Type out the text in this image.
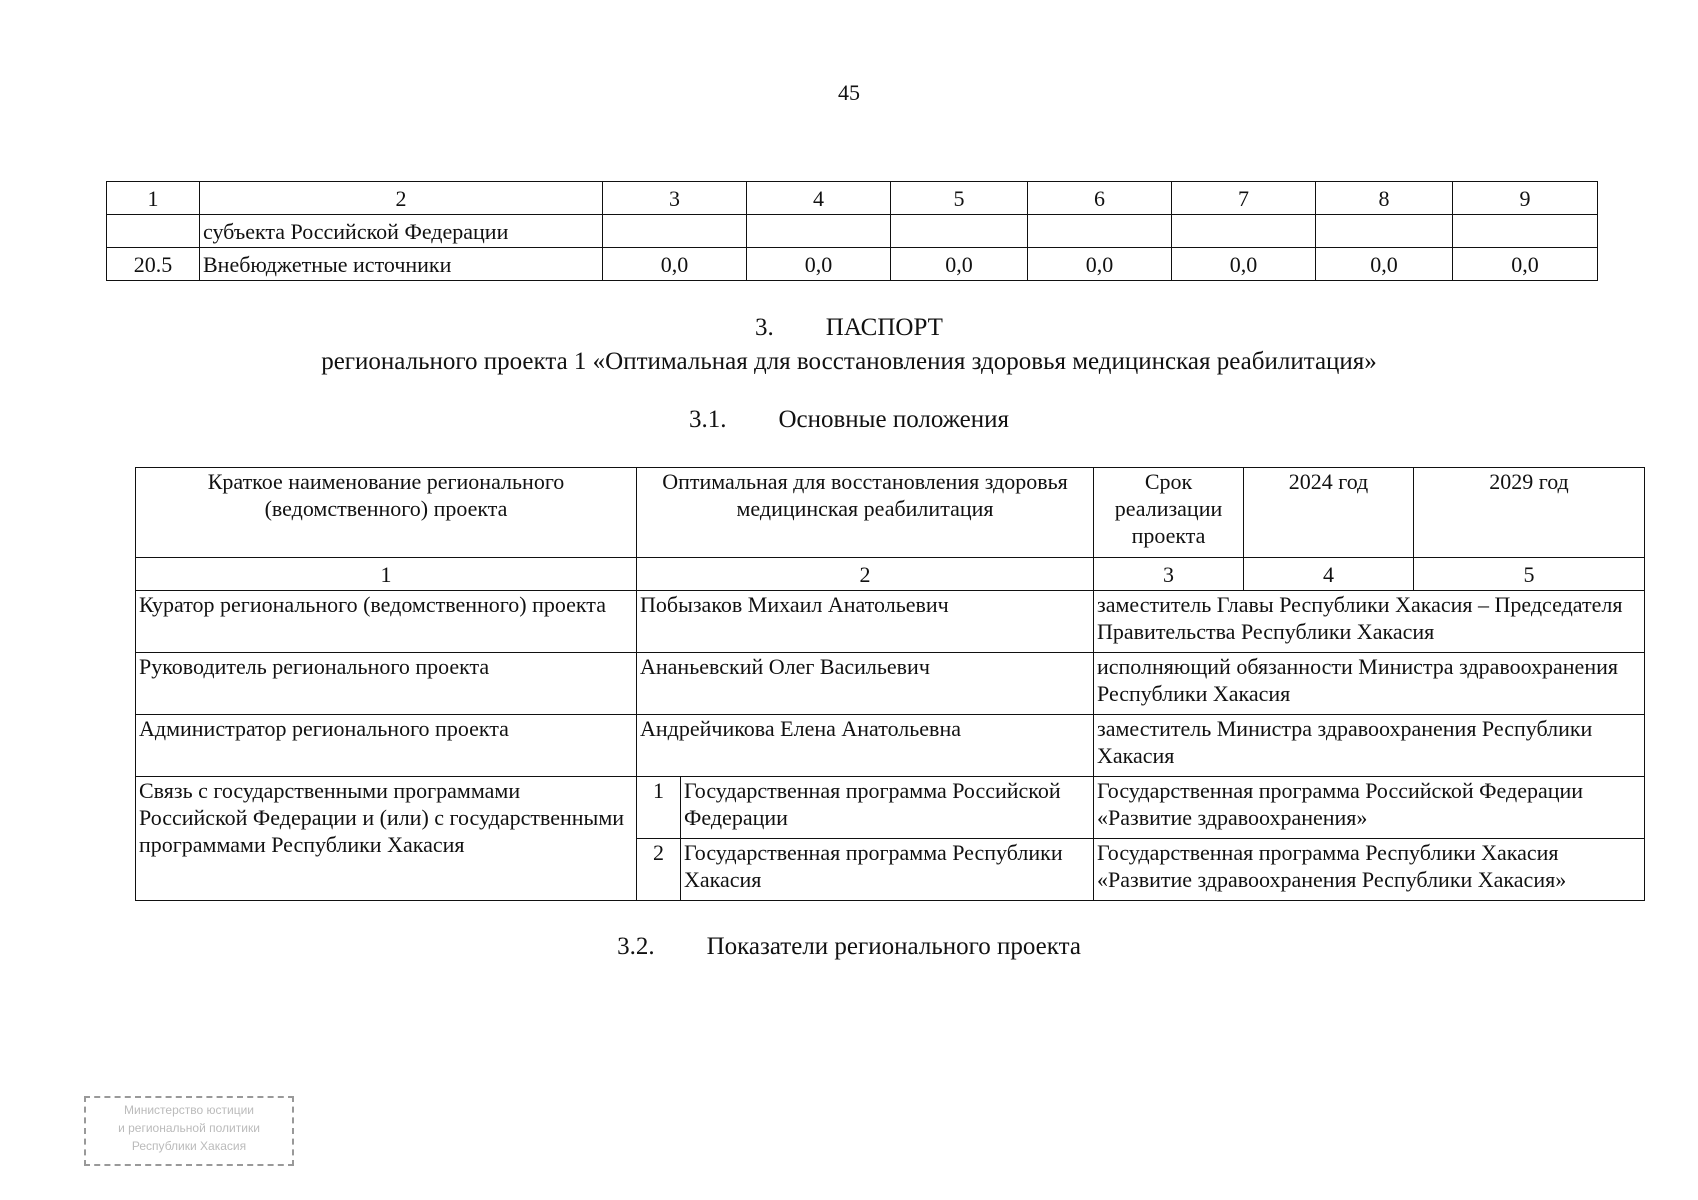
45
1	2	3	4	5	6	7	8	9
	субъекта Российской Федерации							
20.5	Внебюджетные источники	0,0	0,0	0,0	0,0	0,0	0,0	0,0
3. ПАСПОРТ
регионального проекта 1 «Оптимальная для восстановления здоровья медицинская реабилитация»
3.1. Основные положения
Краткое наименование регионального (ведомственного) проекта	Оптимальная для восстановления здоровья медицинская реабилитация		Срок реализации проекта	2024 год	2029 год
1	2		3	4	5
Куратор регионального (ведомственного) проекта	Побызаков Михаил Анатольевич		заместитель Главы Республики Хакасия – Председателя Правительства Республики Хакасия		
Руководитель регионального проекта	Ананьевский Олег Васильевич		исполняющий обязанности Министра здравоохранения Республики Хакасия		
Администратор регионального проекта	Андрейчикова Елена Анатольевна		заместитель Министра здравоохранения Республики Хакасия		
Связь с государственными программами Российской Федерации и (или) с государственными программами Республики Хакасия	1	Государственная программа Российской Федерации	Государственная программа Российской Федерации «Развитие здравоохранения»		
	2	Государственная программа Республики Хакасия	Государственная программа Республики Хакасия «Развитие здравоохранения Республики Хакасия»		
3.2. Показатели регионального проекта
Министерство юстиции
и региональной политики
Республики Хакасия
